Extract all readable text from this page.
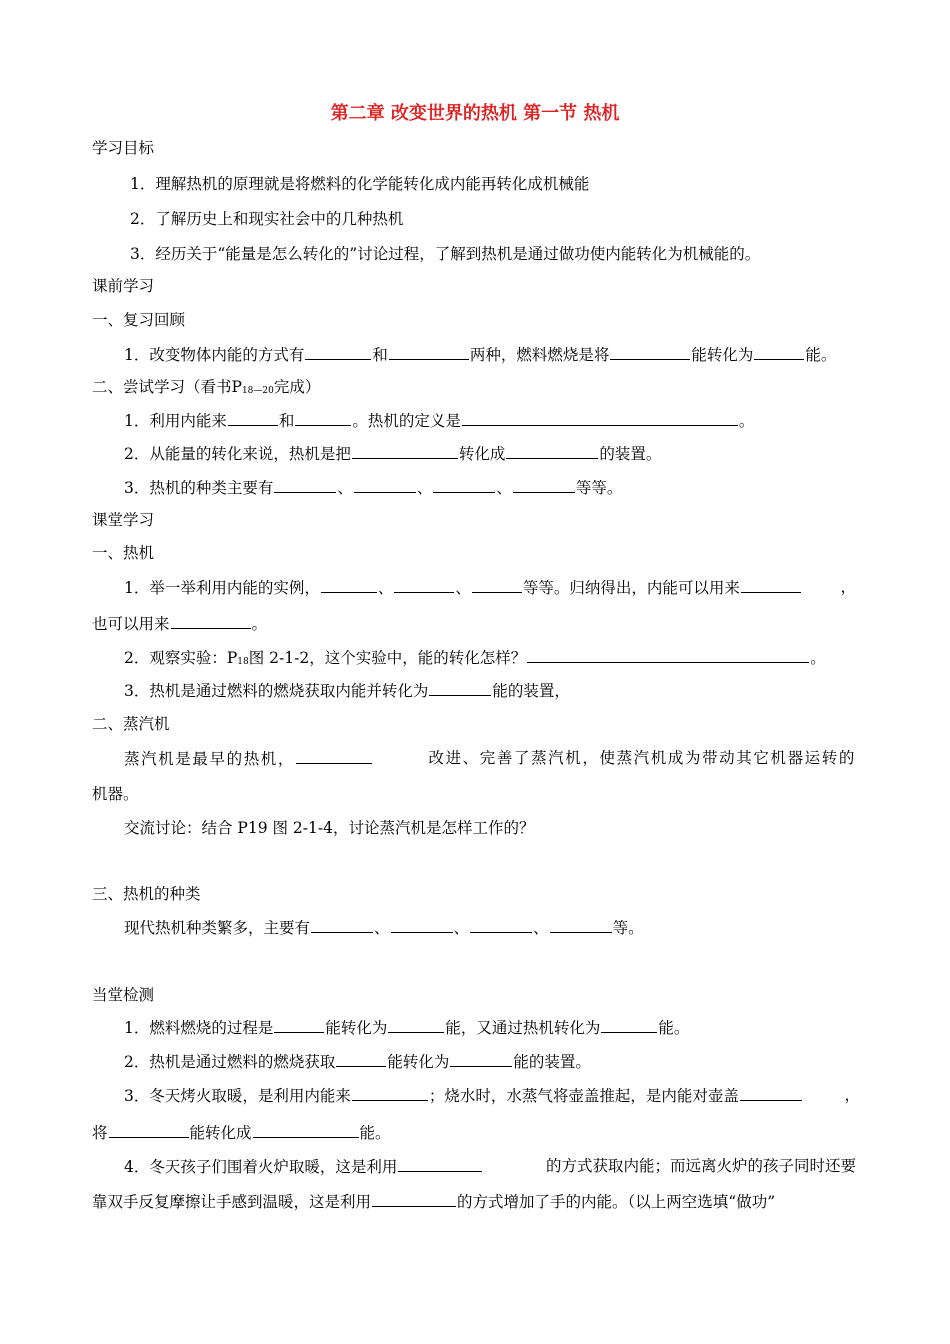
第二章 改变世界的热机 第一节 热机
学习目标
1．理解热机的原理就是将燃料的化学能转化成内能再转化成机械能
2．了解历史上和现实社会中的几种热机
3．经历关于“能量是怎么转化的”讨论过程，了解到热机是通过做功使内能转化为机械能的。
课前学习
一、复习回顾
1．改变物体内能的方式有	和	两种，燃料燃烧是将	能转化为	能。
二、尝试学习（看书P18—20完成）
1．利用内能来	和	。热机的定义是	。
2．从能量的转化来说，热机是把	转化成	的装置。
3．热机的种类主要有	、	、	、	等等。
课堂学习
一、热机
1．举一举利用内能的实例，	、	、	等等。归纳得出，内能可以用来	，
也可以用来	。
2．观察实验：P18图 2-1-2，这个实验中，能的转化怎样？	。
3．热机是通过燃料的燃烧获取内能并转化为	能的装置，
二、蒸汽机
蒸汽机是最早的热机，	改进、完善了蒸汽机，使蒸汽机成为带动其它机器运转的
机器。
交流讨论：结合 P19 图 2-1-4，讨论蒸汽机是怎样工作的？
三、热机的种类
现代热机种类繁多，主要有	、	、	、	等。
当堂检测
1．燃料燃烧的过程是	能转化为	能，又通过热机转化为	能。
2．热机是通过燃料的燃烧获取	能转化为	能的装置。
3．冬天烤火取暖，是利用内能来	；烧水时，水蒸气将壶盖推起，是内能对壶盖	，
将	能转化成	能。
4．冬天孩子们围着火炉取暖，这是利用	的方式获取内能；而远离火炉的孩子同时还要
靠双手反复摩擦让手感到温暖，这是利用	的方式增加了手的内能。（以上两空选填“做功”
